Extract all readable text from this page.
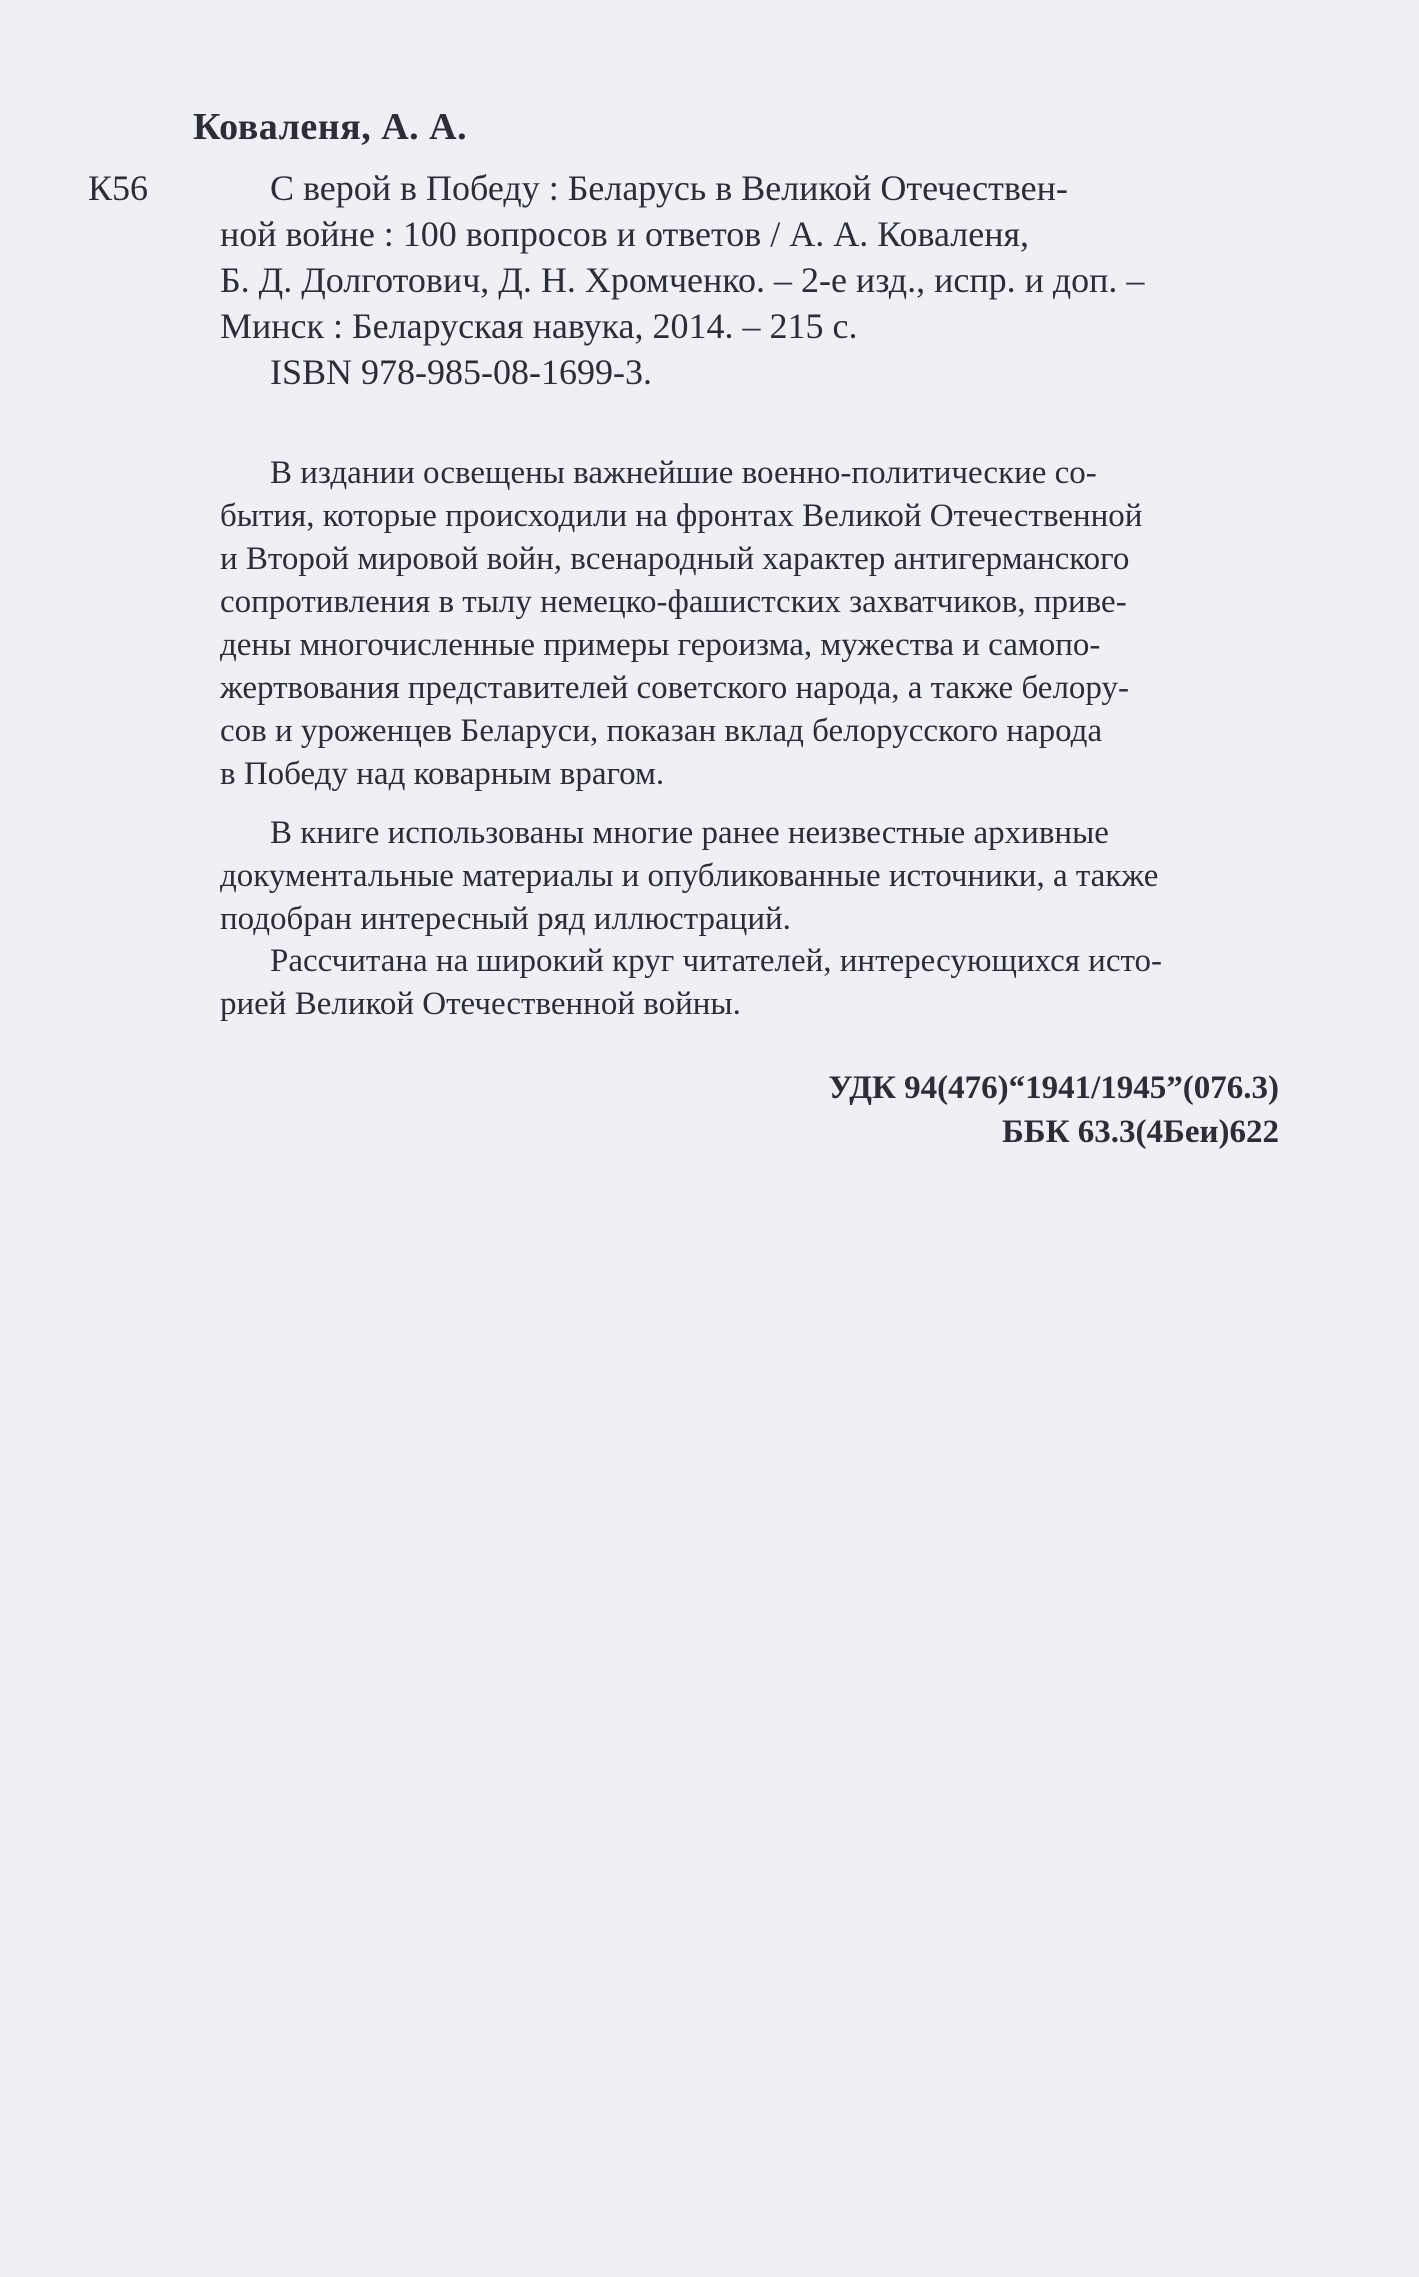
Коваленя, А. А.
К56	С верой в Победу : Беларусь в Великой Отечествен-
ной войне : 100 вопросов и ответов / А. А. Коваленя,
Б. Д. Долготович, Д. Н. Хромченко. – 2-е изд., испр. и доп. –
Минск : Беларуская навука, 2014. – 215 с.
ISBN 978-985-08-1699-3.
В издании освещены важнейшие военно-политические со-
бытия, которые происходили на фронтах Великой Отечественной
и Второй мировой войн, всенародный характер антигерманского
сопротивления в тылу немецко-фашистских захватчиков, приве-
дены многочисленные примеры героизма, мужества и самопо-
жертвования представителей советского народа, а также белору-
сов и уроженцев Беларуси, показан вклад белорусского народа
в Победу над коварным врагом.
В книге использованы многие ранее неизвестные архивные
документальные материалы и опубликованные источники, а также
подобран интересный ряд иллюстраций.
Рассчитана на широкий круг читателей, интересующихся исто-
рией Великой Отечественной войны.
УДК 94(476)“1941/1945”(076.3)
ББК 63.3(4Беи)622
